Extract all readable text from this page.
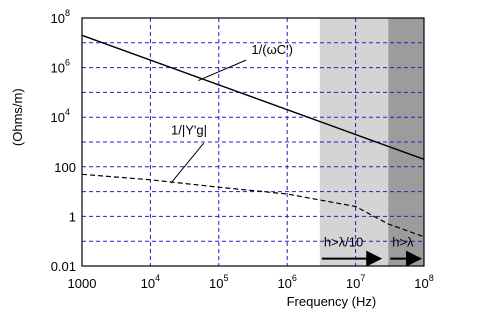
1000	$10^4$	$10^5$	$10^6$	$10^7$	$10^8$
0.01
1
100
$10^4$
$10^6$
$10^8$
1/(ωC')
1/|Y'g|
h>λ/10 h>λ
Frequency (Hz)
(Ohms/m)
